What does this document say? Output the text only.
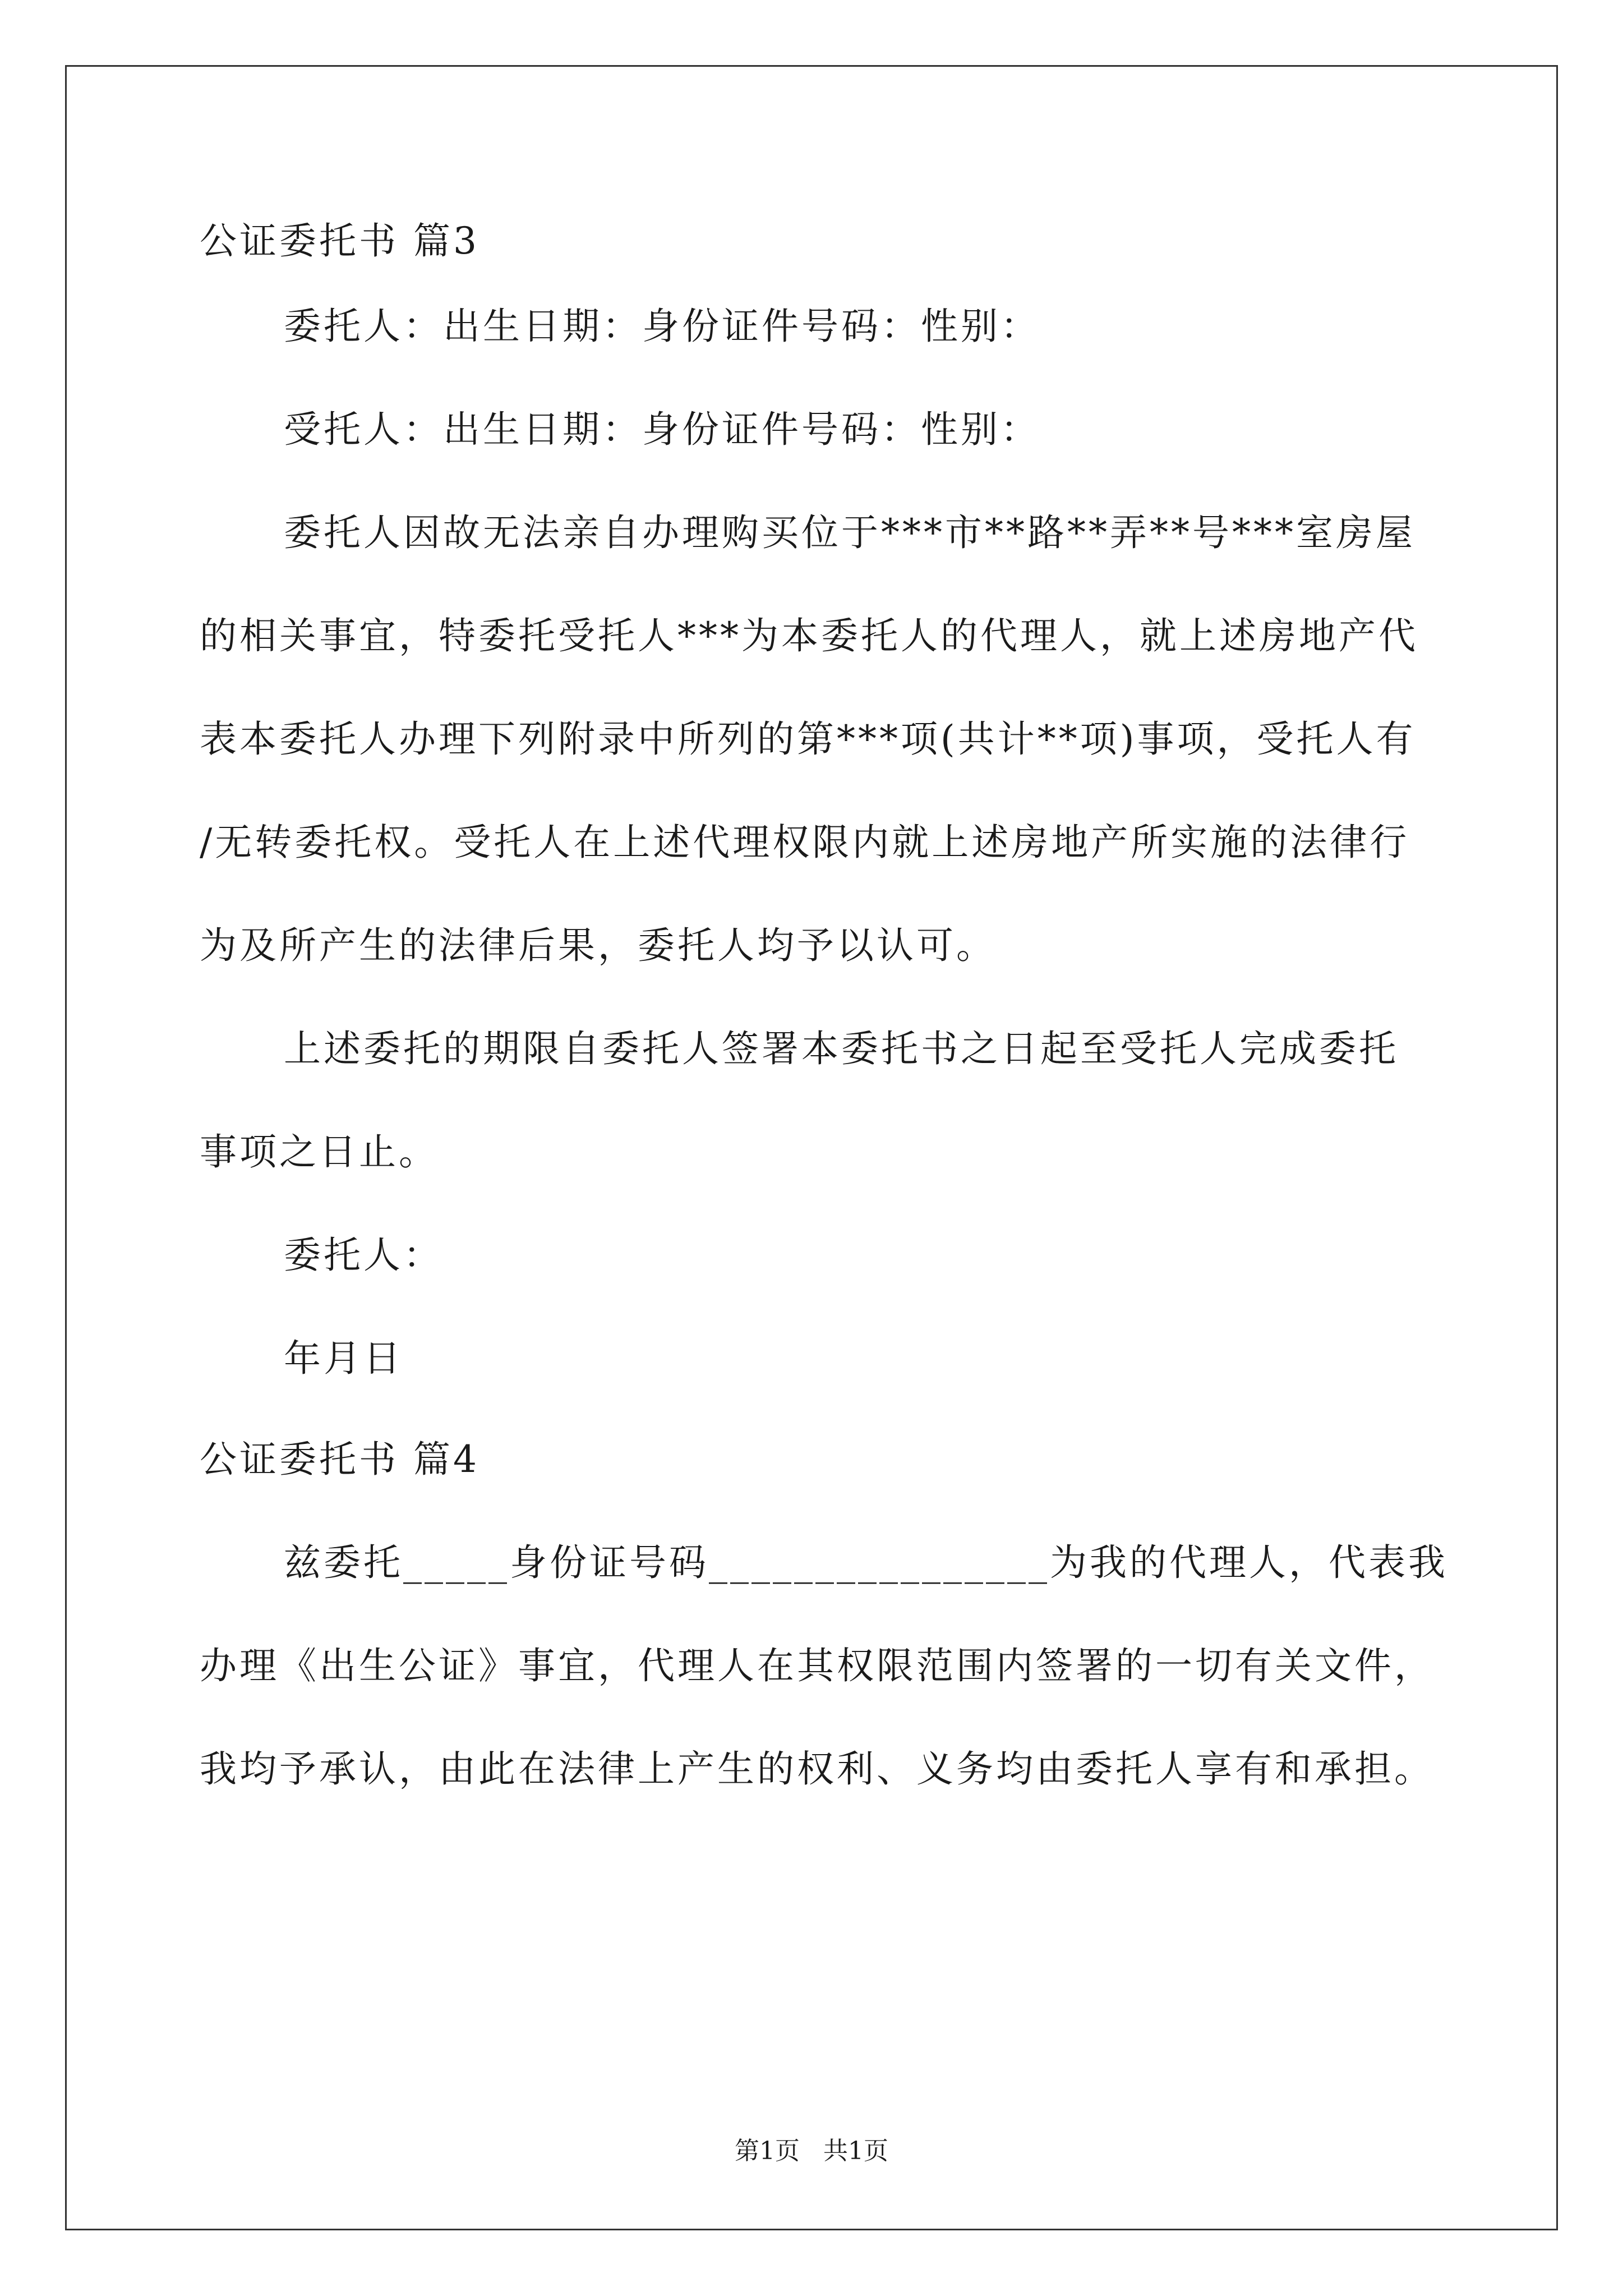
公证委托书 篇3
委托人：出生日期：身份证件号码：性别：
受托人：出生日期：身份证件号码：性别：
委托人因故无法亲自办理购买位于***市**路**弄**号***室房屋
的相关事宜，特委托受托人***为本委托人的代理人，就上述房地产代
表本委托人办理下列附录中所列的第***项(共计**项)事项，受托人有
/无转委托权。受托人在上述代理权限内就上述房地产所实施的法律行
为及所产生的法律后果，委托人均予以认可。
上述委托的期限自委托人签署本委托书之日起至受托人完成委托
事项之日止。
委托人：
年月日
公证委托书 篇4
兹委托_____身份证号码________________为我的代理人，代表我
办理《出生公证》事宜，代理人在其权限范围内签署的一切有关文件，
我均予承认，由此在法律上产生的权利、义务均由委托人享有和承担。
第1页   共1页
